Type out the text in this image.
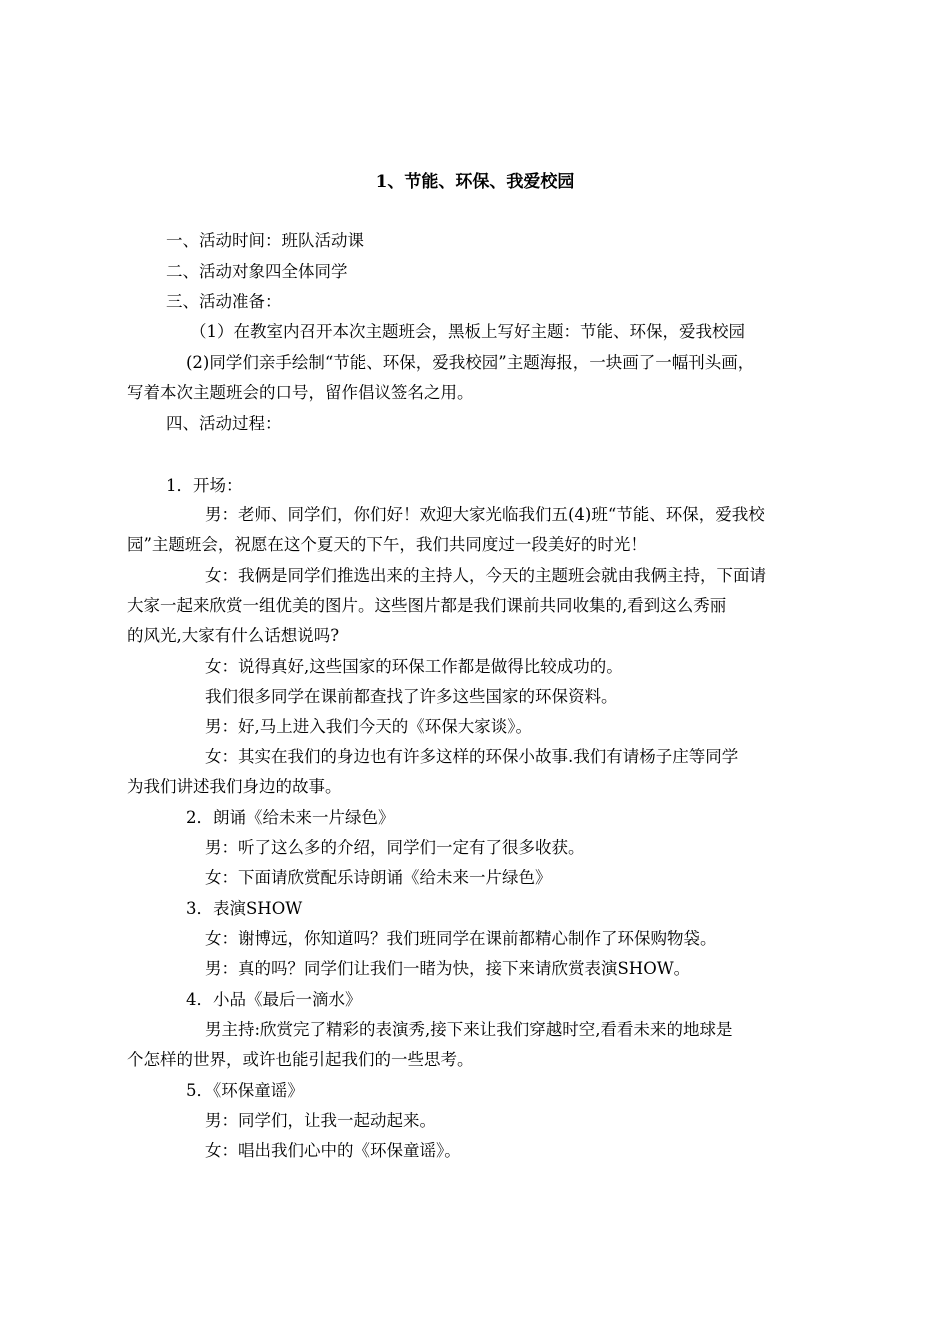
1、节能、环保、我爱校园
一、活动时间：班队活动课
二、活动对象四全体同学
三、活动准备：
（1）在教室内召开本次主题班会，黑板上写好主题：节能、环保，爱我校园
(2)同学们亲手绘制“节能、环保，爱我校园”主题海报，一块画了一幅刊头画，
写着本次主题班会的口号，留作倡议签名之用。
四、活动过程：
1．开场：
男：老师、同学们，你们好！欢迎大家光临我们五(4)班“节能、环保，爱我校
园”主题班会，祝愿在这个夏天的下午，我们共同度过一段美好的时光！
女：我俩是同学们推选出来的主持人，今天的主题班会就由我俩主持，下面请
大家一起来欣赏一组优美的图片。这些图片都是我们课前共同收集的,看到这么秀丽
的风光,大家有什么话想说吗?
女：说得真好,这些国家的环保工作都是做得比较成功的。
我们很多同学在课前都查找了许多这些国家的环保资料。
男：好,马上进入我们今天的《环保大家谈》。
女：其实在我们的身边也有许多这样的环保小故事.我们有请杨子庄等同学
为我们讲述我们身边的故事。
2．朗诵《给未来一片绿色》
男：听了这么多的介绍，同学们一定有了很多收获。
女：下面请欣赏配乐诗朗诵《给未来一片绿色》
3．表演SHOW
女：谢博远，你知道吗？我们班同学在课前都精心制作了环保购物袋。
男：真的吗？同学们让我们一睹为快，接下来请欣赏表演SHOW。
4．小品《最后一滴水》
男主持:欣赏完了精彩的表演秀,接下来让我们穿越时空,看看未来的地球是
个怎样的世界，或许也能引起我们的一些思考。
5．《环保童谣》
男：同学们，让我一起动起来。
女：唱出我们心中的《环保童谣》。
